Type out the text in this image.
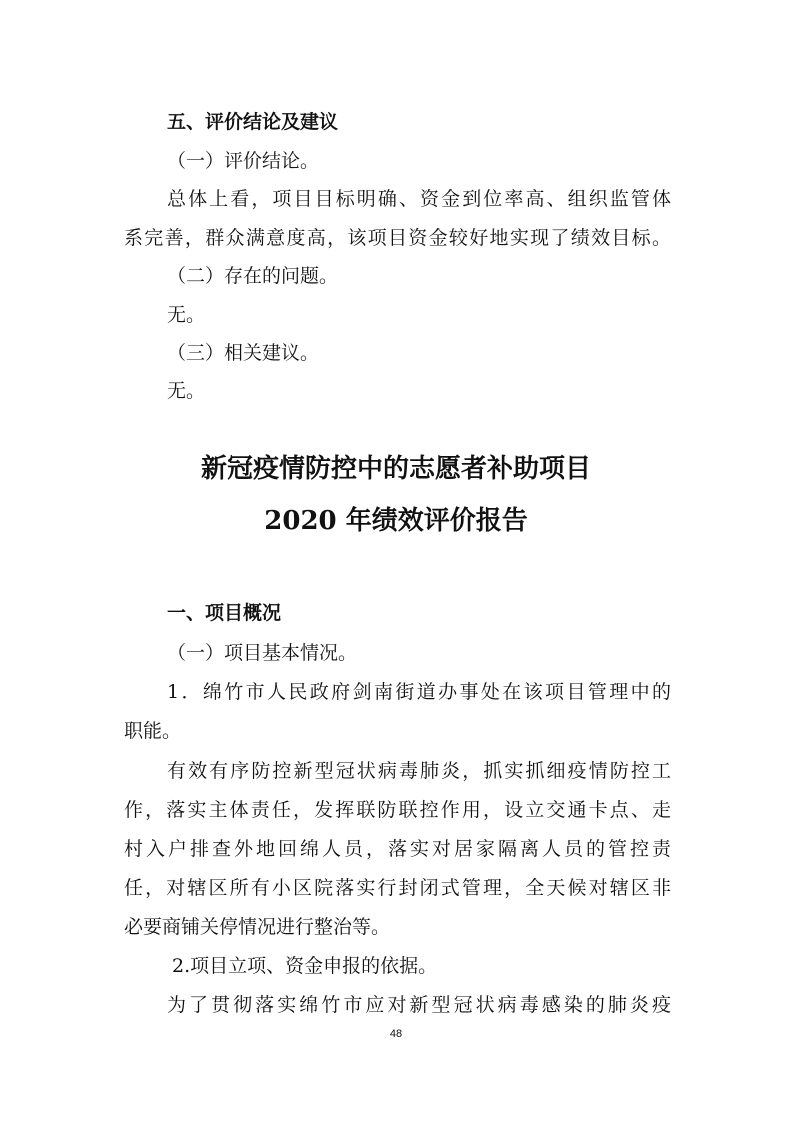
五、评价结论及建议
（一）评价结论。
总体上看，项目目标明确、资金到位率高、组织监管体
系完善，群众满意度高，该项目资金较好地实现了绩效目标。
（二）存在的问题。
无。
（三）相关建议。
无。
新冠疫情防控中的志愿者补助项目
2020 年绩效评价报告
一、项目概况
（一）项目基本情况。
1．绵竹市人民政府剑南街道办事处在该项目管理中的
职能。
有效有序防控新型冠状病毒肺炎，抓实抓细疫情防控工
作，落实主体责任，发挥联防联控作用，设立交通卡点、走
村入户排查外地回绵人员，落实对居家隔离人员的管控责
任，对辖区所有小区院落实行封闭式管理，全天候对辖区非
必要商铺关停情况进行整治等。
2.项目立项、资金申报的依据。
为了贯彻落实绵竹市应对新型冠状病毒感染的肺炎疫
48
